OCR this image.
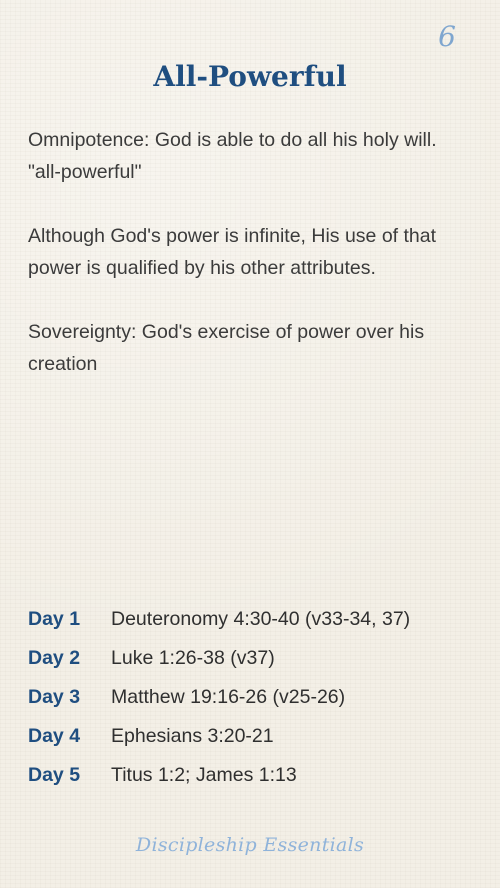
6
All-Powerful

Omnipotence: God is able to do all his holy will. "all-powerful"

Although God's power is infinite, His use of that power is qualified by his other attributes.

Sovereignty: God's exercise of power over his creation

Day 1	Deuteronomy 4:30-40 (v33-34, 37)
Day 2	Luke 1:26-38 (v37)
Day 3	Matthew 19:16-26 (v25-26)
Day 4	Ephesians 3:20-21
Day 5	Titus 1:2; James 1:13
Discipleship Essentials
